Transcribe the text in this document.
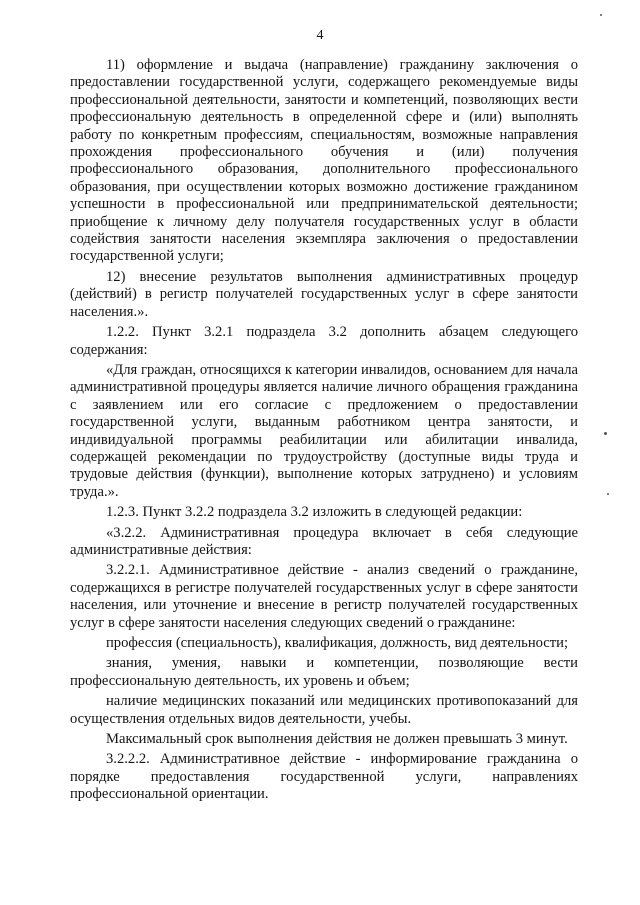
4

11) оформление и выдача (направление) гражданину заключения о предоставлении государственной услуги, содержащего рекомендуемые виды профессиональной деятельности, занятости и компетенций, позволяющих вести профессиональную деятельность в определенной сфере и (или) выполнять работу по конкретным профессиям, специальностям, возможные направления прохождения профессионального обучения и (или) получения профессионального образования, дополнительного профессионального образования, при осуществлении которых возможно достижение гражданином успешности в профессиональной или предпринимательской деятельности; приобщение к личному делу получателя государственных услуг в области содействия занятости населения экземпляра заключения о предоставлении государственной услуги;

12) внесение результатов выполнения административных процедур (действий) в регистр получателей государственных услуг в сфере занятости населения.».

1.2.2. Пункт 3.2.1 подраздела 3.2 дополнить абзацем следующего содержания:

«Для граждан, относящихся к категории инвалидов, основанием для начала административной процедуры является наличие личного обращения гражданина с заявлением или его согласие с предложением о предоставлении государственной услуги, выданным работником центра занятости, и индивидуальной программы реабилитации или абилитации инвалида, содержащей рекомендации по трудоустройству (доступные виды труда и трудовые действия (функции), выполнение которых затруднено) и условиям труда.».

1.2.3. Пункт 3.2.2 подраздела 3.2 изложить в следующей редакции:

«3.2.2. Административная процедура включает в себя следующие административные действия:

3.2.2.1. Административное действие - анализ сведений о гражданине, содержащихся в регистре получателей государственных услуг в сфере занятости населения, или уточнение и внесение в регистр получателей государственных услуг в сфере занятости населения следующих сведений о гражданине:

профессия (специальность), квалификация, должность, вид деятельности;

знания, умения, навыки и компетенции, позволяющие вести профессиональную деятельность, их уровень и объем;

наличие медицинских показаний или медицинских противопоказаний для осуществления отдельных видов деятельности, учебы.

Максимальный срок выполнения действия не должен превышать 3 минут.

3.2.2.2. Административное действие - информирование гражданина о порядке предоставления государственной услуги, направлениях профессиональной ориентации.
